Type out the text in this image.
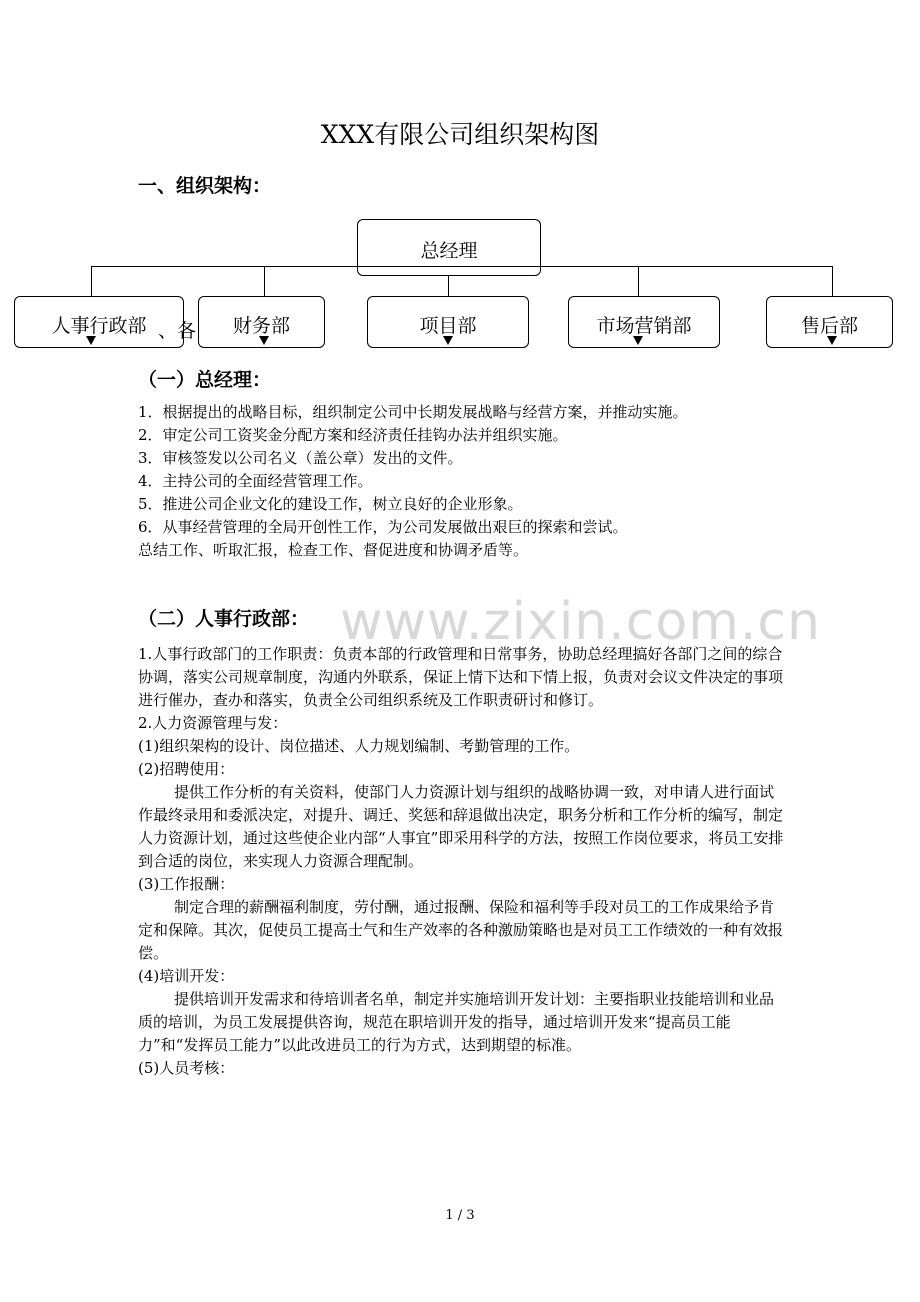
www.zixin.com.cn
XXX有限公司组织架构图
一、组织架构：
总经理
人事行政部 、各 财务部	项目部	市场营销部	售后部
（一）总经理：
1．根据提出的战略目标，组织制定公司中长期发展战略与经营方案，并推动实施。
2．审定公司工资奖金分配方案和经济责任挂钩办法并组织实施。
3．审核签发以公司名义（盖公章）发出的文件。
4．主持公司的全面经营管理工作。
5．推进公司企业文化的建设工作，树立良好的企业形象。
6．从事经营管理的全局开创性工作，为公司发展做出艰巨的探索和尝试。
总结工作、听取汇报，检查工作、督促进度和协调矛盾等。
（二）人事行政部：
1.人事行政部门的工作职责：负责本部的行政管理和日常事务，协助总经理搞好各部门之间的综合协调，落实公司规章制度，沟通内外联系，保证上情下达和下情上报，负责对会议文件决定的事项进行催办，查办和落实，负责全公司组织系统及工作职责研讨和修订。
2.人力资源管理与发：
(1)组织架构的设计、岗位描述、人力规划编制、考勤管理的工作。
(2)招聘使用：
提供工作分析的有关资料，使部门人力资源计划与组织的战略协调一致，对申请人进行面试作最终录用和委派决定，对提升、调迁、奖惩和辞退做出决定，职务分析和工作分析的编写，制定人力资源计划，通过这些使企业内部“人事宜”即采用科学的方法，按照工作岗位要求，将员工安排到合适的岗位，来实现人力资源合理配制。
(3)工作报酬：
制定合理的薪酬福利制度，劳付酬，通过报酬、保险和福利等手段对员工的工作成果给予肯定和保障。其次，促使员工提高士气和生产效率的各种激励策略也是对员工工作绩效的一种有效报偿。
(4)培训开发：
提供培训开发需求和待培训者名单，制定并实施培训开发计划：主要指职业技能培训和业品质的培训，为员工发展提供咨询，规范在职培训开发的指导，通过培训开发来“提高员工能力”和“发挥员工能力”以此改进员工的行为方式，达到期望的标准。
(5)人员考核：
1 / 3
